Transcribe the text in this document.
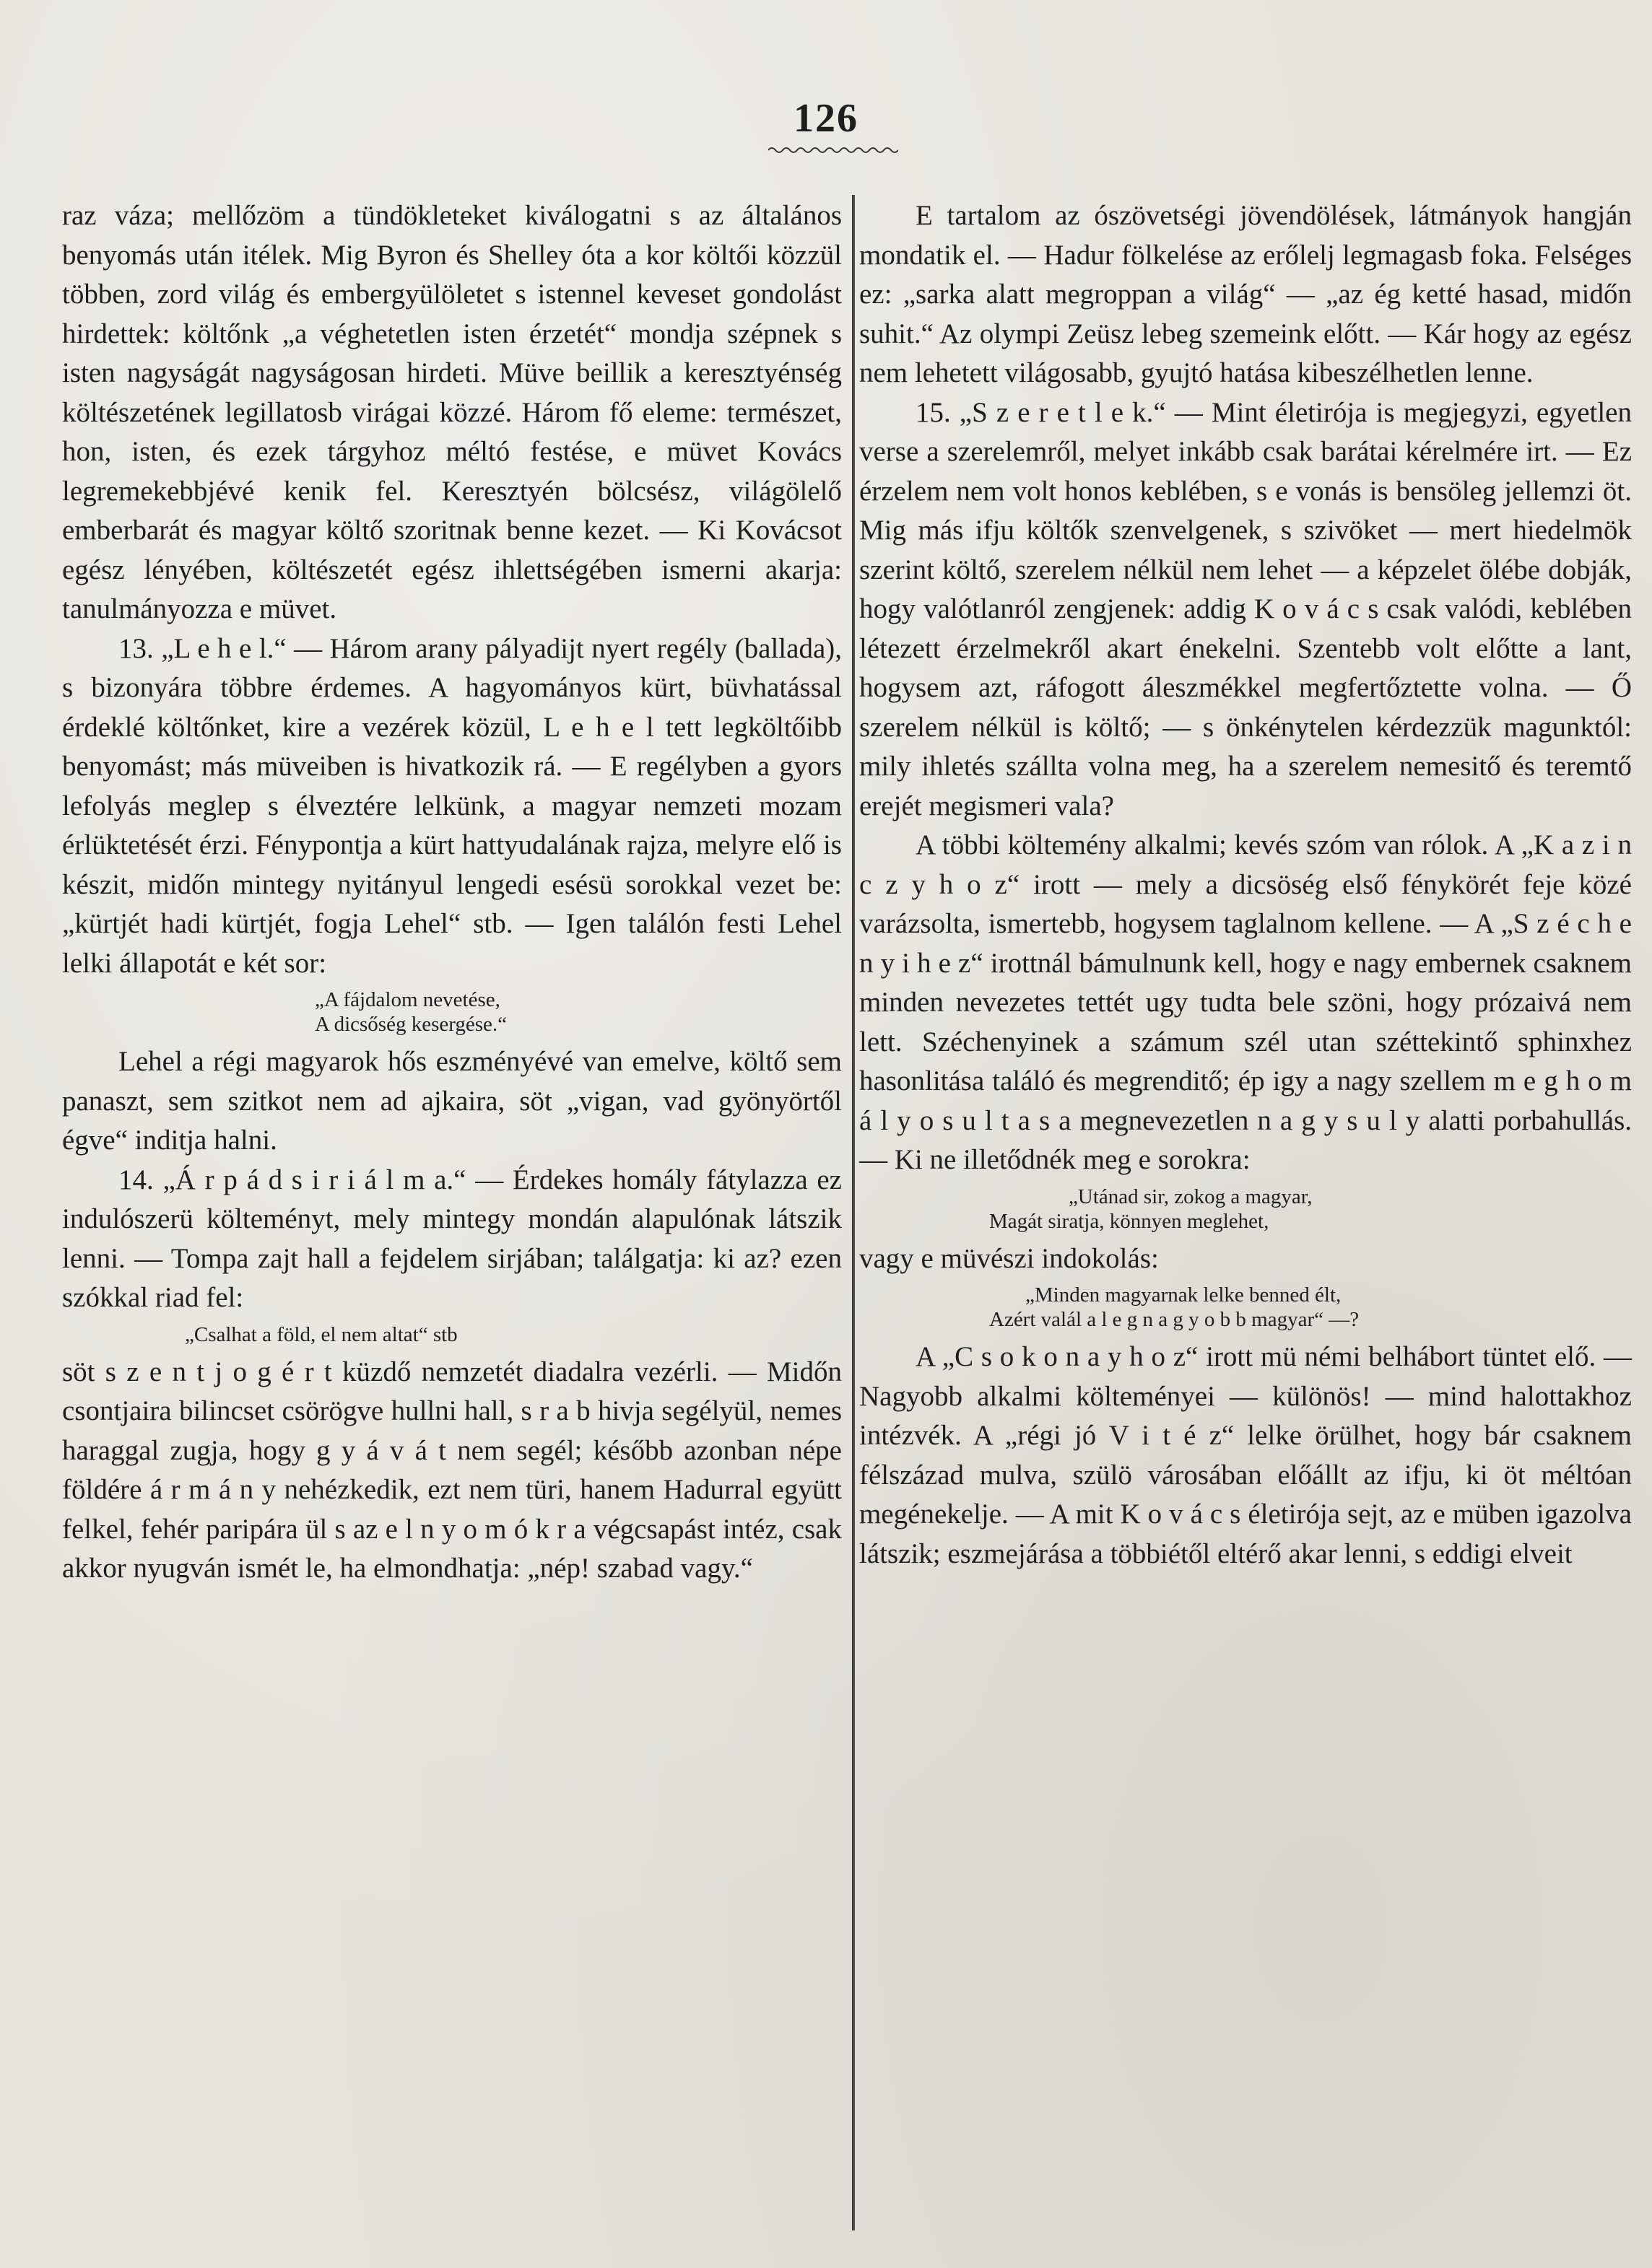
126

raz váza; mellőzöm a tündökleteket kiválogatni s az általános benyomás után itélek. Mig Byron és Shelley óta a kor költői közzül többen, zord világ és embergyülöletet s istennel keveset gondolást hirdettek: költőnk „a véghetetlen isten érzetét“ mondja szépnek s isten nagyságát nagyságosan hirdeti. Müve beillik a keresztyénség költészetének legillatosb virágai közzé. Három fő eleme: természet, hon, isten, és ezek tárgyhoz méltó festése, e müvet Kovács legremekebbjévé kenik fel. Keresztyén bölcsész, világölelő emberbarát és magyar költő szoritnak benne kezet. — Ki Kovácsot egész lényében, költészetét egész ihlettségében ismerni akarja: tanulmányozza e müvet.

13. „L e h e l.“ — Három arany pályadijt nyert regély (ballada), s bizonyára többre érdemes. A hagyományos kürt, büvhatással érdeklé költőnket, kire a vezérek közül, L e h e l tett legköltőibb benyomást; más müveiben is hivatkozik rá. — E regélyben a gyors lefolyás meglep s élveztére lelkünk, a magyar nemzeti mozam érlüktetését érzi. Fénypontja a kürt hattyudalának rajza, melyre elő is készit, midőn mintegy nyitányul lengedi esésü sorokkal vezet be: „kürtjét hadi kürtjét, fogja Lehel“ stb. — Igen találón festi Lehel lelki állapotát e két sor:

„A fájdalom nevetése,
A dicsőség kesergése.“

Lehel a régi magyarok hős eszményévé van emelve, költő sem panaszt, sem szitkot nem ad ajkaira, söt „vigan, vad gyönyörtől égve“ inditja halni.

14. „Á r p á d s i r i á l m a.“ — Érdekes homály fátylazza ez indulószerü költeményt, mely mintegy mondán alapulónak látszik lenni. — Tompa zajt hall a fejdelem sirjában; találgatja: ki az? ezen szókkal riad fel:

„Csalhat a föld, el nem altat“ stb

söt s z e n t j o g é r t küzdő nemzetét diadalra vezérli. — Midőn csontjaira bilincset csörögve hullni hall, s r a b hivja segélyül, nemes haraggal zugja, hogy g y á v á t nem segél; később azonban népe földére á r m á n y nehézkedik, ezt nem türi, hanem Hadurral együtt felkel, fehér paripára ül s az e l n y o m ó k r a végcsapást intéz, csak akkor nyugván ismét le, ha elmondhatja: „nép! szabad vagy.“

E tartalom az ószövetségi jövendölések, látmányok hangján mondatik el. — Hadur fölkelése az erőlelj legmagasb foka. Felséges ez: „sarka alatt megroppan a világ“ — „az ég ketté hasad, midőn suhit.“ Az olympi Zeüsz lebeg szemeink előtt. — Kár hogy az egész nem lehetett világosabb, gyujtó hatása kibeszélhetlen lenne.

15. „S z e r e t l e k.“ — Mint életirója is megjegyzi, egyetlen verse a szerelemről, melyet inkább csak barátai kérelmére irt. — Ez érzelem nem volt honos keblében, s e vonás is bensöleg jellemzi öt. Mig más ifju költők szenvelgenek, s szivöket — mert hiedelmök szerint költő, szerelem nélkül nem lehet — a képzelet ölébe dobják, hogy valótlanról zengjenek: addig K o v á c s csak valódi, keblében létezett érzelmekről akart énekelni. Szentebb volt előtte a lant, hogysem azt, ráfogott áleszmékkel megfertőztette volna. — Ő szerelem nélkül is költő; — s önkénytelen kérdezzük magunktól: mily ihletés szállta volna meg, ha a szerelem nemesitő és teremtő erejét megismeri vala?

A többi költemény alkalmi; kevés szóm van rólok. A „K a z i n c z y h o z“ irott — mely a dicsöség első fénykörét feje közé varázsolta, ismertebb, hogysem taglalnom kellene. — A „S z é c h e n y i h e z“ irottnál bámulnunk kell, hogy e nagy embernek csaknem minden nevezetes tettét ugy tudta bele szöni, hogy prózaivá nem lett. Széchenyinek a számum szél utan széttekintő sphinxhez hasonlitása találó és megrenditő; ép igy a nagy szellem m e g h o m á l y o s u l t a s a megnevezetlen n a g y s u l y alatti porbahullás. — Ki ne illetődnék meg e sorokra:

„Utánad sir, zokog a magyar,
Magát siratja, könnyen meglehet,

vagy e müvészi indokolás:

„Minden magyarnak lelke benned élt,
Azért valál a l e g n a g y o b b magyar“ —?

A „C s o k o n a y h o z“ irott mü némi belhábort tüntet elő. — Nagyobb alkalmi költeményei — különös! — mind halottakhoz intézvék. A „régi jó V i t é z“ lelke örülhet, hogy bár csaknem félszázad mulva, szülö városában előállt az ifju, ki öt méltóan megénekelje. — A mit K o v á c s életirója sejt, az e müben igazolva látszik; eszmejárása a többiétől eltérő akar lenni, s eddigi elveit
